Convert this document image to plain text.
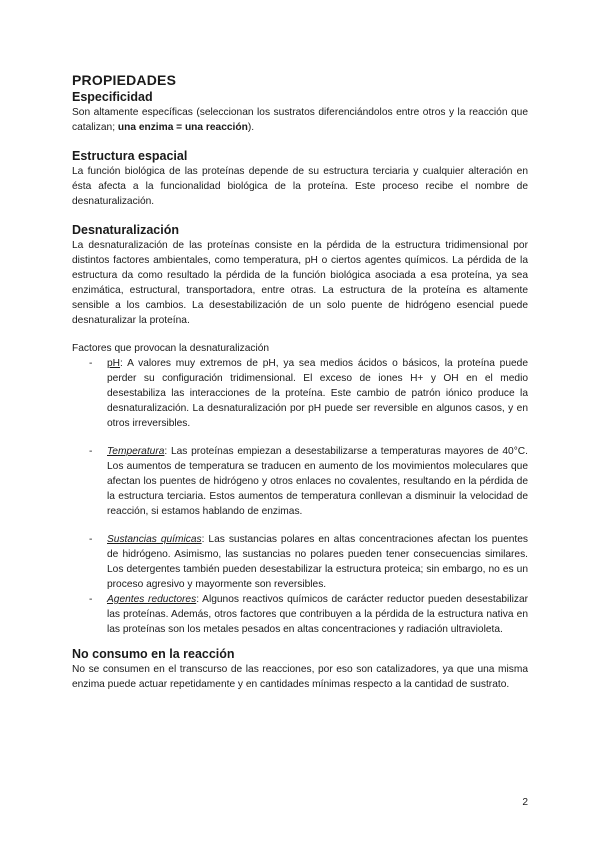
PROPIEDADES
Especificidad

Son altamente específicas (seleccionan los sustratos diferenciándolos entre otros y la reacción que catalizan; una enzima = una reacción).

Estructura espacial

La función biológica de las proteínas depende de su estructura terciaria y cualquier alteración en ésta afecta a la funcionalidad biológica de la proteína. Este proceso recibe el nombre de desnaturalización.

Desnaturalización

La desnaturalización de las proteínas consiste en la pérdida de la estructura tridimensional por distintos factores ambientales, como temperatura, pH o ciertos agentes químicos. La pérdida de la estructura da como resultado la pérdida de la función biológica asociada a esa proteína, ya sea enzimática, estructural, transportadora, entre otras. La estructura de la proteína es altamente sensible a los cambios. La desestabilización de un solo puente de hidrógeno esencial puede desnaturalizar la proteína.

Factores que provocan la desnaturalización

- pH: A valores muy extremos de pH, ya sea medios ácidos o básicos, la proteína puede perder su configuración tridimensional. El exceso de iones H+ y OH en el medio desestabiliza las interacciones de la proteína. Este cambio de patrón iónico produce la desnaturalización. La desnaturalización por pH puede ser reversible en algunos casos, y en otros irreversibles.
- Temperatura: Las proteínas empiezan a desestabilizarse a temperaturas mayores de 40°C. Los aumentos de temperatura se traducen en aumento de los movimientos moleculares que afectan los puentes de hidrógeno y otros enlaces no covalentes, resultando en la pérdida de la estructura terciaria. Estos aumentos de temperatura conllevan a disminuir la velocidad de reacción, si estamos hablando de enzimas.
- Sustancias químicas: Las sustancias polares en altas concentraciones afectan los puentes de hidrógeno. Asimismo, las sustancias no polares pueden tener consecuencias similares. Los detergentes también pueden desestabilizar la estructura proteica; sin embargo, no es un proceso agresivo y mayormente son reversibles.
- Agentes reductores: Algunos reactivos químicos de carácter reductor pueden desestabilizar las proteínas. Además, otros factores que contribuyen a la pérdida de la estructura nativa en las proteínas son los metales pesados en altas concentraciones y radiación ultravioleta.
No consumo en la reacción

No se consumen en el transcurso de las reacciones, por eso son catalizadores, ya que una misma enzima puede actuar repetidamente y en cantidades mínimas respecto a la cantidad de sustrato.

2
